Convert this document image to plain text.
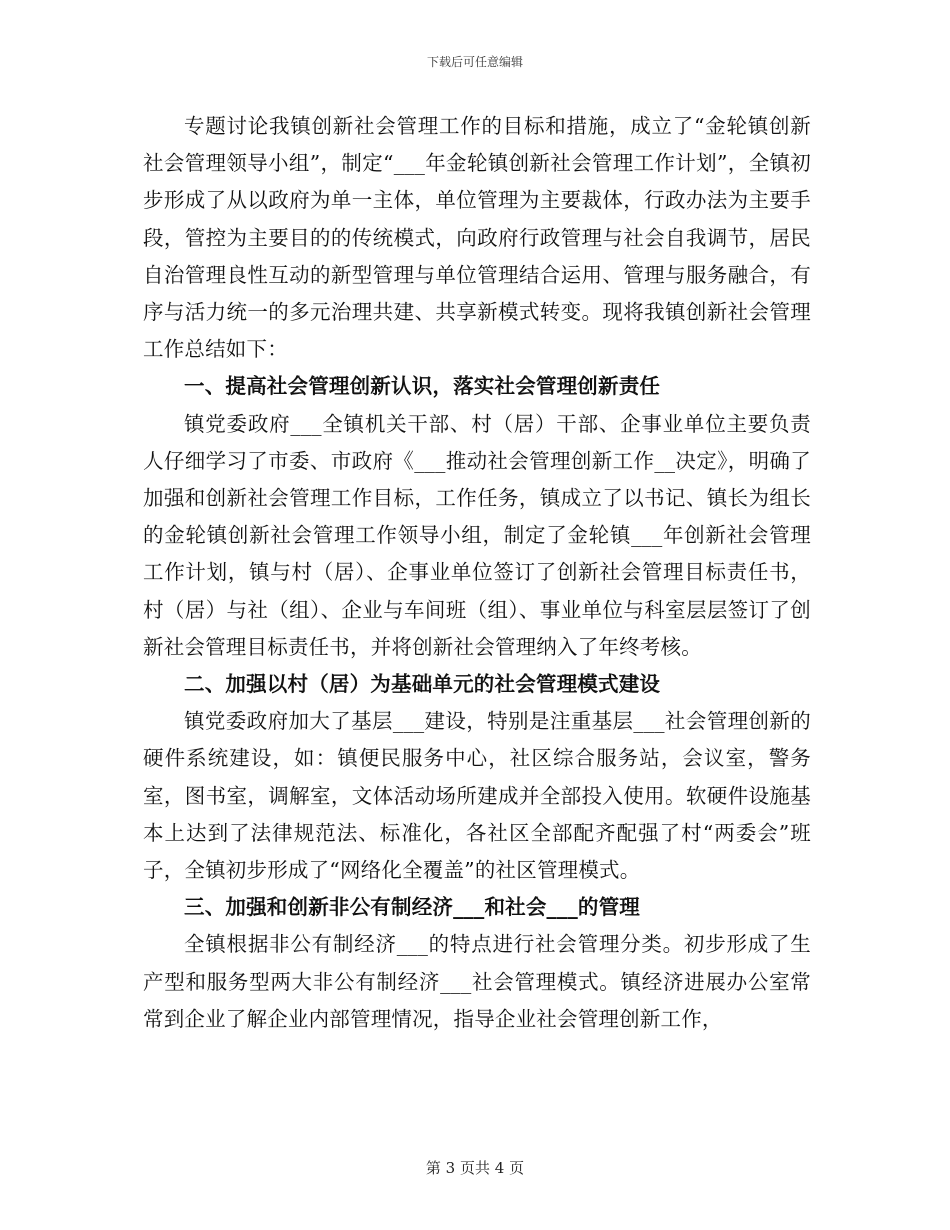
下载后可任意编辑

专题讨论我镇创新社会管理工作的目标和措施，成立了“金轮镇创新社会管理领导小组”，制定“___年金轮镇创新社会管理工作计划”，全镇初步形成了从以政府为单一主体，单位管理为主要裁体，行政办法为主要手段，管控为主要目的的传统模式，向政府行政管理与社会自我调节，居民自治管理良性互动的新型管理与单位管理结合运用、管理与服务融合，有序与活力统一的多元治理共建、共享新模式转变。现将我镇创新社会管理工作总结如下：

一、提高社会管理创新认识，落实社会管理创新责任

镇党委政府___全镇机关干部、村（居）干部、企事业单位主要负责人仔细学习了市委、市政府《___推动社会管理创新工作__决定》，明确了加强和创新社会管理工作目标，工作任务，镇成立了以书记、镇长为组长的金轮镇创新社会管理工作领导小组，制定了金轮镇___年创新社会管理工作计划，镇与村（居）、企事业单位签订了创新社会管理目标责任书，村（居）与社（组）、企业与车间班（组）、事业单位与科室层层签订了创新社会管理目标责任书，并将创新社会管理纳入了年终考核。

二、加强以村（居）为基础单元的社会管理模式建设

镇党委政府加大了基层___建设，特别是注重基层___社会管理创新的硬件系统建设，如：镇便民服务中心，社区综合服务站，会议室，警务室，图书室，调解室，文体活动场所建成并全部投入使用。软硬件设施基本上达到了法律规范法、标准化，各社区全部配齐配强了村“两委会”班子，全镇初步形成了“网络化全覆盖”的社区管理模式。

三、加强和创新非公有制经济___和社会___的管理

全镇根据非公有制经济___的特点进行社会管理分类。初步形成了生产型和服务型两大非公有制经济___社会管理模式。镇经济进展办公室常常到企业了解企业内部管理情况，指导企业社会管理创新工作，

第 3 页共 4 页
